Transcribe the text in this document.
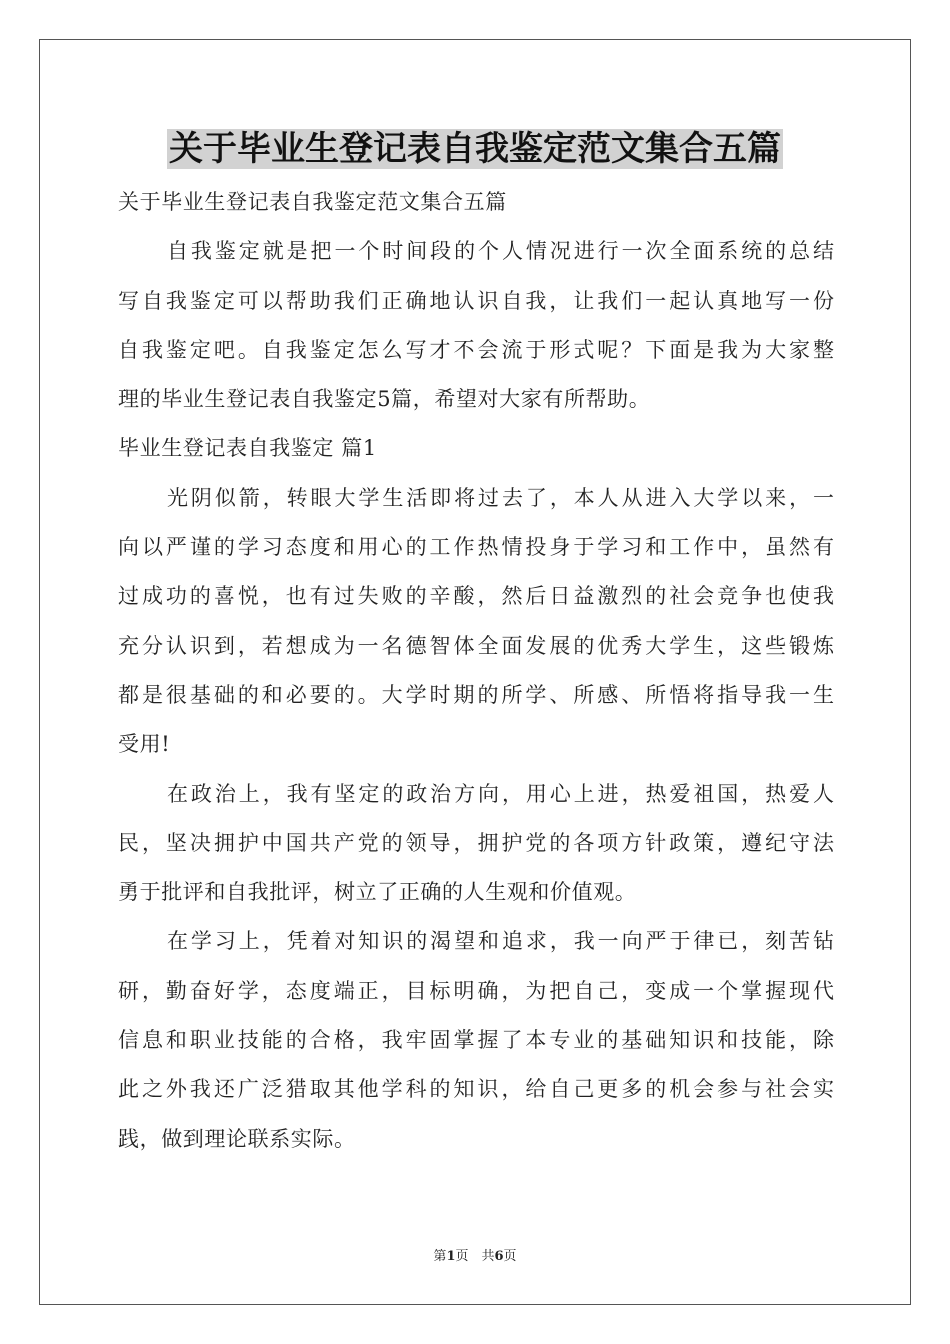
关于毕业生登记表自我鉴定范文集合五篇
关于毕业生登记表自我鉴定范文集合五篇
自我鉴定就是把一个时间段的个人情况进行一次全面系统的总结
写自我鉴定可以帮助我们正确地认识自我，让我们一起认真地写一份
自我鉴定吧。自我鉴定怎么写才不会流于形式呢？下面是我为大家整
理的毕业生登记表自我鉴定5篇，希望对大家有所帮助。
毕业生登记表自我鉴定 篇1
光阴似箭，转眼大学生活即将过去了，本人从进入大学以来，一
向以严谨的学习态度和用心的工作热情投身于学习和工作中，虽然有
过成功的喜悦，也有过失败的辛酸，然后日益激烈的社会竞争也使我
充分认识到，若想成为一名德智体全面发展的优秀大学生，这些锻炼
都是很基础的和必要的。大学时期的所学、所感、所悟将指导我一生
受用!
在政治上，我有坚定的政治方向，用心上进，热爱祖国，热爱人
民，坚决拥护中国共产党的领导，拥护党的各项方针政策，遵纪守法
勇于批评和自我批评，树立了正确的人生观和价值观。
在学习上，凭着对知识的渴望和追求，我一向严于律已，刻苦钻
研，勤奋好学，态度端正，目标明确，为把自己，变成一个掌握现代
信息和职业技能的合格，我牢固掌握了本专业的基础知识和技能，除
此之外我还广泛猎取其他学科的知识，给自己更多的机会参与社会实
践，做到理论联系实际。
第1页　共6页
